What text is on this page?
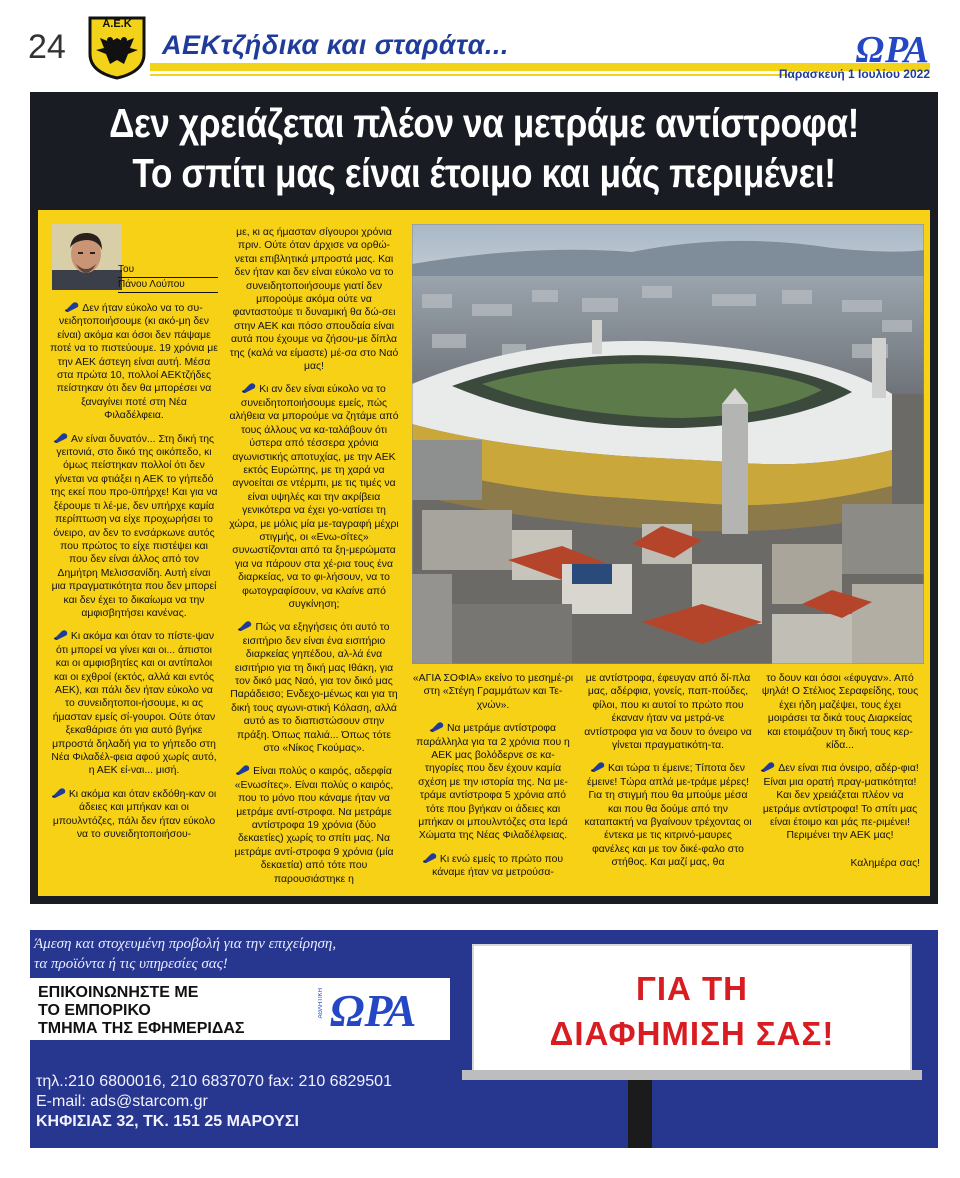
24
Α.Ε.Κ
AEKτζήδικα και σταράτα...	ΩΡΑ
Παρασκευή 1 Ιουλίου 2022
Δεν χρειάζεται πλέον να μετράμε αντίστροφα!
Το σπίτι μας είναι έτοιμο και μάς περιμένει!
Του
Πάνου Λούπου

Δεν ήταν εύκολο να το συ-νειδητοποιήσουμε (κι ακό-μη δεν είναι) ακόμα και όσοι δεν πάψαμε ποτέ να το πιστεύουμε. 19 χρόνια με την ΑΕΚ άστεγη είναι αυτή. Μέσα στα πρώτα 10, πολλοί ΑΕΚτζήδες πείστηκαν ότι δεν θα μπορέσει να ξαναγίνει ποτέ στη Νέα Φιλαδέλφεια.

Αν είναι δυνατόν... Στη δική της γειτονιά, στο δικό της οικόπεδο, κι όμως πείστηκαν πολλοί ότι δεν γίνεται να φτιάξει η ΑΕΚ το γήπεδό της εκεί που προ-ϋπήρχε! Και για να ξέρουμε τι λέ-με, δεν υπήρχε καμία περίπτωση να είχε προχωρήσει το όνειρο, αν δεν το ενσάρκωνε αυτός που πρώτος το είχε πιστέψει και που δεν είναι άλλος από τον Δημήτρη Μελισσανίδη. Αυτή είναι μια πραγματικότητα που δεν μπορεί και δεν έχει το δικαίωμα να την αμφισβητήσει κανένας.

Κι ακόμα και όταν το πίστε-ψαν ότι μπορεί να γίνει και οι... άπιστοι και οι αμφισβητίες και οι αντίπαλοι και οι εχθροί (εκτός, αλλά και εντός ΑΕΚ), και πάλι δεν ήταν εύκολο να το συνειδητοποι-ήσουμε, κι ας ήμασταν εμείς σί-γουροι. Ούτε όταν ξεκαθάρισε ότι για αυτό βγήκε μπροστά δηλαδή για το γήπεδο στη Νέα Φιλαδέλ-φεια αφού χωρίς αυτό, η ΑΕΚ εί-ναι... μισή.

Κι ακόμα και όταν εκδόθη-καν οι άδειες και μπήκαν και οι μπουλντόζες, πάλι δεν ήταν εύκολο να το συνειδητοποιήσου-

με, κι ας ήμασταν σίγουροι χρόνια πριν. Ούτε όταν άρχισε να ορθώ-νεται επιβλητικά μπροστά μας. Και δεν ήταν και δεν είναι εύκολο να το συνειδητοποιήσουμε γιατί δεν μπορούμε ακόμα ούτε να φανταστούμε τι δυναμική θα δώ-σει στην ΑΕΚ και πόσο σπουδαία είναι αυτά που έχουμε να ζήσου-με δίπλα της (καλά να είμαστε) μέ-σα στο Ναό μας!

Κι αν δεν είναι εύκολο να το συνειδητοποιήσουμε εμείς, πώς αλήθεια να μπορούμε να ζητάμε από τους άλλους να κα-ταλάβουν ότι ύστερα από τέσσερα χρόνια αγωνιστικής αποτυχίας, με την ΑΕΚ εκτός Ευρώπης, με τη χαρά να αγνοείται σε ντέρμπι, με τις τιμές να είναι υψηλές και την ακρίβεια γενικότερα να έχει γο-νατίσει τη χώρα, με μόλις μία με-ταγραφή μέχρι στιγμής, οι «Ενω-σίτες» συνωστίζονται από τα ξη-μερώματα για να πάρουν στα χέ-ρια τους ένα διαρκείας, να το φι-λήσουν, να το φωτογραφίσουν, να κλαίνε από συγκίνηση;

Πώς να εξηγήσεις ότι αυτό το εισιτήριο δεν είναι ένα εισιτήριο διαρκείας γηπέδου, αλ-λά ένα εισιτήριο για τη δική μας Ιθάκη, για τον δικό μας Ναό, για τον δικό μας Παράδεισο; Ενδεχο-μένως και για τη δική τους αγωνι-στική Κόλαση, αλλά αυτό as το διαπιστώσουν στην πράξη. Όπως παλιά... Όπως τότε στο «Νίκος Γκούμας».

Είναι πολύς ο καιρός, αδερφία «Ενωσίτες». Είναι πολύς ο καιρός, που το μόνο που κάναμε ήταν να μετράμε αντί-στροφα. Να μετράμε αντίστροφα 19 χρόνια (δύο δεκαετίες) χωρίς το σπίτι μας. Να μετράμε αντί-στροφα 9 χρόνια (μία δεκαετία) από τότε που παρουσιάστηκε η

«ΑΓΙΑ ΣΟΦΙΑ» εκείνο το μεσημέ-ρι στη «Στέγη Γραμμάτων και Τε-χνών».

Να μετράμε αντίστροφα παράλληλα για τα 2 χρόνια που η ΑΕΚ μας βολόδερνε σε κα-τηγορίες που δεν έχουν καμία σχέση με την ιστορία της. Να με-τράμε αντίστροφα 5 χρόνια από τότε που βγήκαν οι άδειες και μπήκαν οι μπουλντόζες στα Ιερά Χώματα της Νέας Φιλαδέλφειας.

Κι ενώ εμείς το πρώτο που κάναμε ήταν να μετρούσα-

με αντίστροφα, έφευγαν από δί-πλα μας, αδέρφια, γονείς, παπ-πούδες, φίλοι, που κι αυτοί το πρώτο που έκαναν ήταν να μετρά-νε αντίστροφα για να δουν το όνειρο να γίνεται πραγματικότη-τα.

Και τώρα τι έμεινε; Τίποτα δεν έμεινε! Τώρα απλά με-τράμε μέρες! Για τη στιγμή που θα μπούμε μέσα και που θα δούμε από την καταπακτή να βγαίνουν τρέχοντας οι έντεκα με τις κιτρινό-μαυρες φανέλες και με τον δικέ-φαλο στο στήθος. Και μαζί μας, θα

το δουν και όσοι «έφυγαν». Από ψηλά! Ο Στέλιος Σεραφείδης, τους έχει ήδη μαζέψει, τους έχει μοιράσει τα δικά τους Διαρκείας και ετοιμάζουν τη δική τους κερ-κίδα...

Δεν είναι πια όνειρο, αδέρ-φια! Είναι μια ορατή πραγ-ματικότητα! Και δεν χρειάζεται πλέον να μετράμε αντίστροφα! Το σπίτι μας είναι έτοιμο και μάς πε-ριμένει! Περιμένει την ΑΕΚ μας!

Καλημέρα σας!

Άμεση και στοχευμένη προβολή για την επιχείρηση,
τα προϊόντα ή τις υπηρεσίες σας!
ΕΠΙΚΟΙΝΩΝΗΣΤΕ ΜΕ
ΤΟ ΕΜΠΟΡΙΚΟ
ΤΜΗΜΑ ΤΗΣ ΕΦΗΜΕΡΙΔΑΣ
ΑΘΛΗΤΙΚΗ ΩΡΑ
τηλ.:210 6800016, 210 6837070 fax: 210 6829501
E-mail: ads@starcom.gr
ΚΗΦΙΣΙΑΣ 32, ΤΚ. 151 25 ΜΑΡΟΥΣΙ
ΓΙΑ ΤΗ
ΔΙΑΦΗΜΙΣΗ ΣΑΣ!
